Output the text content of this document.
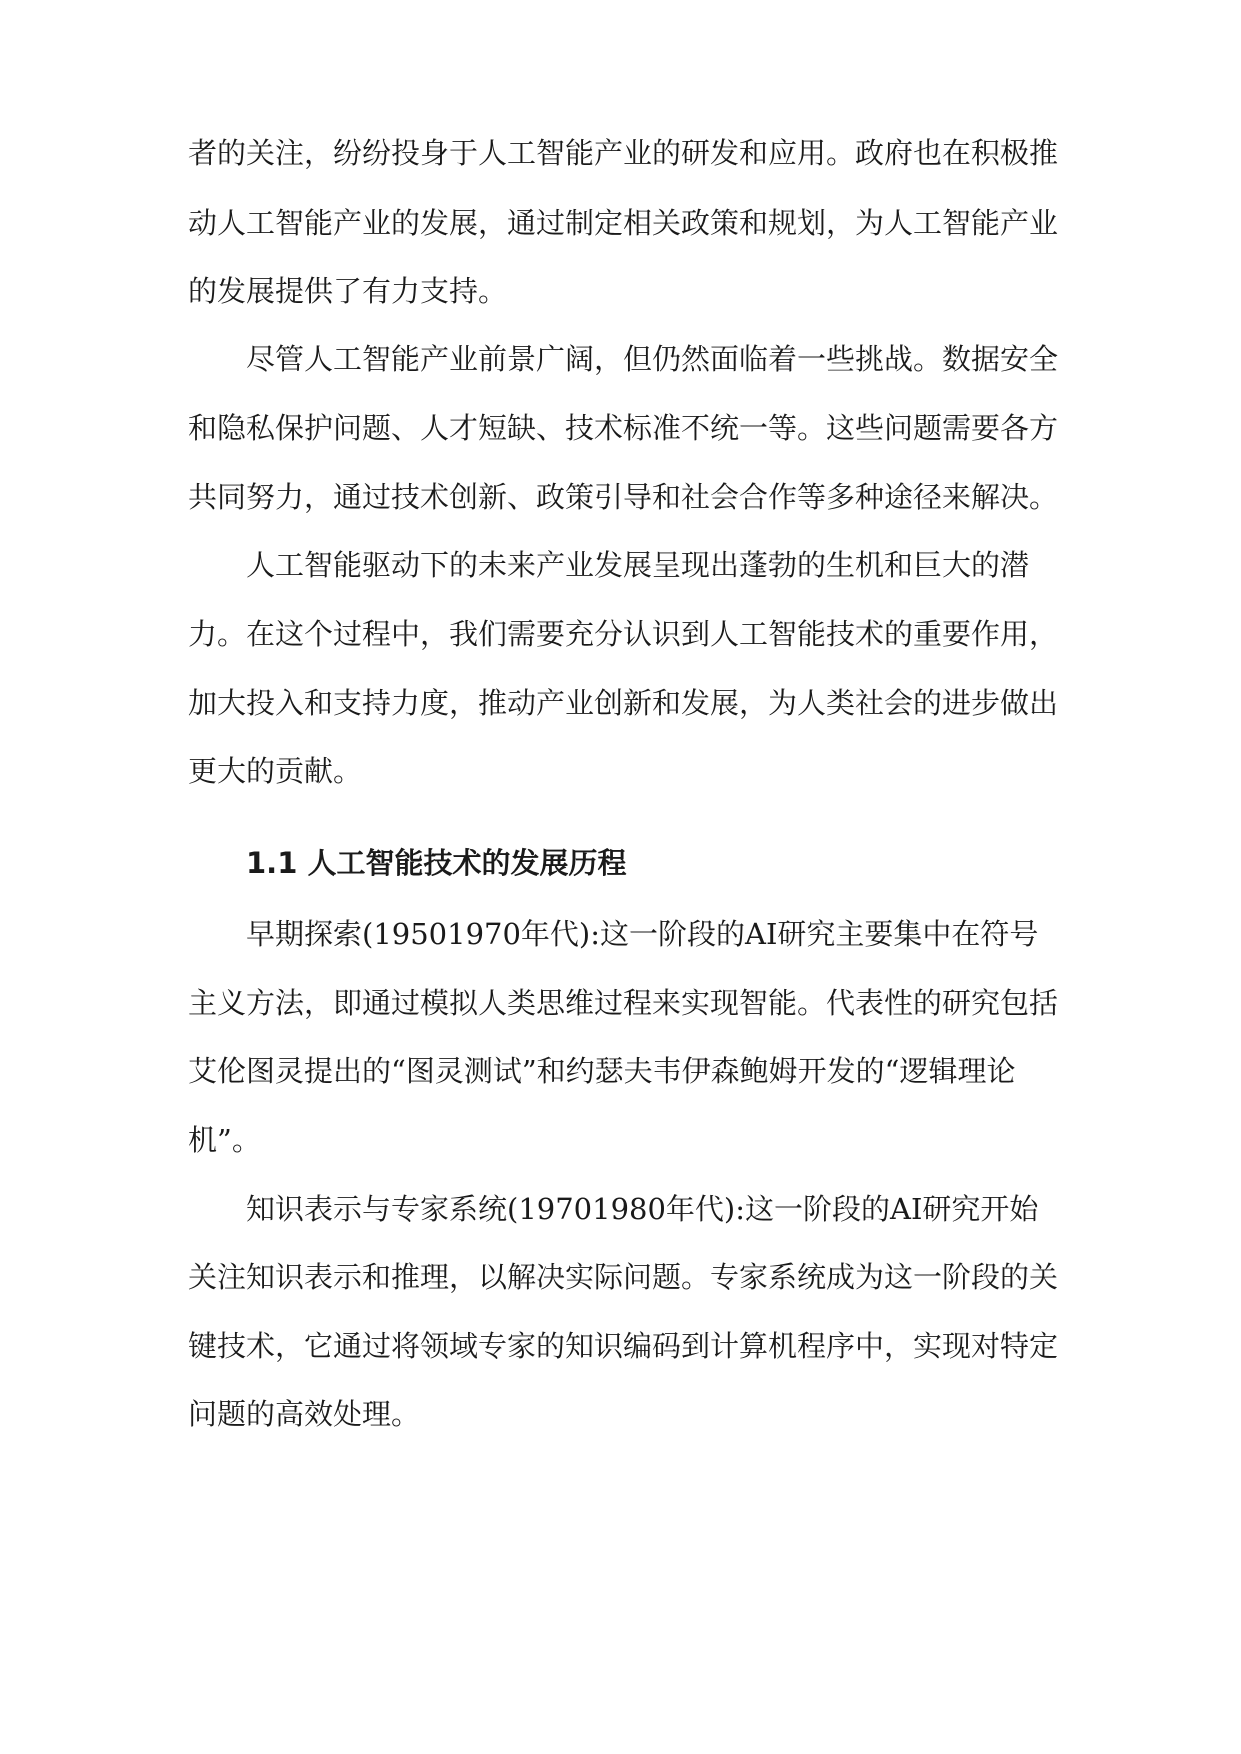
者的关注，纷纷投身于人工智能产业的研发和应用。政府也在积极推
动人工智能产业的发展，通过制定相关政策和规划，为人工智能产业
的发展提供了有力支持。
尽管人工智能产业前景广阔，但仍然面临着一些挑战。数据安全
和隐私保护问题、人才短缺、技术标准不统一等。这些问题需要各方
共同努力，通过技术创新、政策引导和社会合作等多种途径来解决。
人工智能驱动下的未来产业发展呈现出蓬勃的生机和巨大的潜
力。在这个过程中，我们需要充分认识到人工智能技术的重要作用，
加大投入和支持力度，推动产业创新和发展，为人类社会的进步做出
更大的贡献。
1.1 人工智能技术的发展历程
早期探索(19501970年代):这一阶段的AI研究主要集中在符号
主义方法，即通过模拟人类思维过程来实现智能。代表性的研究包括
艾伦图灵提出的“图灵测试”和约瑟夫韦伊森鲍姆开发的“逻辑理论
机”。
知识表示与专家系统(19701980年代):这一阶段的AI研究开始
关注知识表示和推理，以解决实际问题。专家系统成为这一阶段的关
键技术，它通过将领域专家的知识编码到计算机程序中，实现对特定
问题的高效处理。
